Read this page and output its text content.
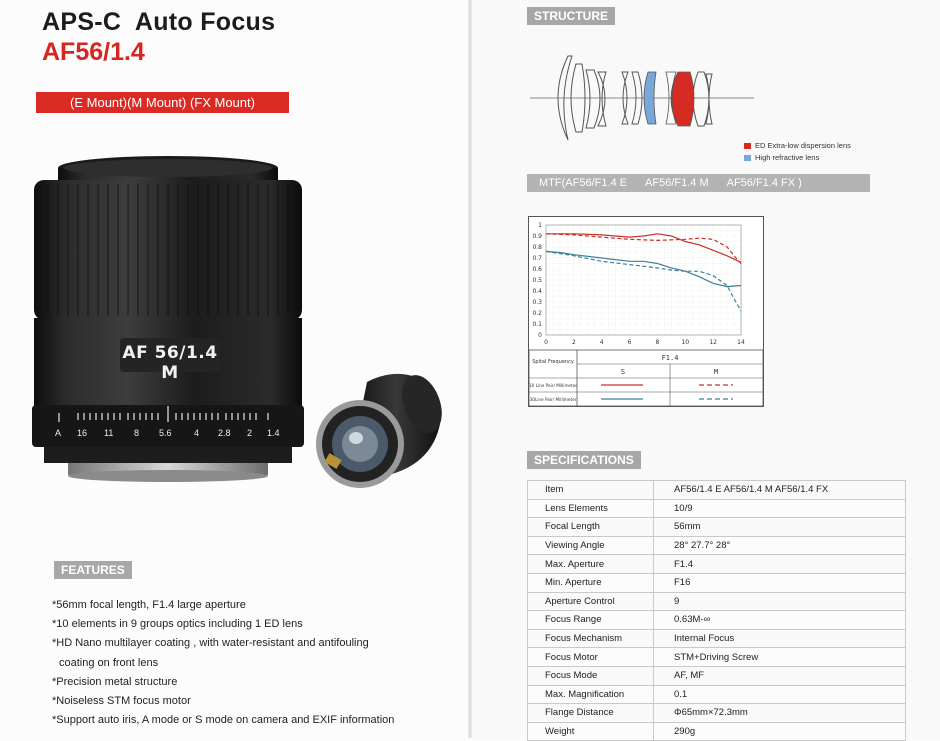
APS-C  Auto Focus
AF56/1.4
(E Mount)(M Mount) (FX Mount)
AF 56/1.4 M
A 16 11 8 5.6 4 2.8 2 1.4
FEATURES
*56mm focal length, F1.4 large aperture
*10 elements in 9 groups optics including 1 ED lens
*HD Nano multilayer coating , with water-resistant and antifouling
coating on front lens
*Precision metal structure
*Noiseless STM focus motor
*Support auto iris, A mode or S mode on camera and EXIF information
STRUCTURE
ED Extra-low dispersion lens
High refractive lens
MTF(AF56/F1.4 E AF56/F1.4 M AF56/F1.4 FX )
0
0.1
0.2
0.3
0.4
0.5
0.6
0.7
0.8
0.9
1
0	2	4	6	8	10	12	14
Spital Frequency	F1.4
S	M
10 Line Pair/ Millimeter
30Line Pair/ Millimeter
SPECIFICATIONS
Item	AF56/1.4 E AF56/1.4 M AF56/1.4 FX
Lens Elements	10/9
Focal Length	56mm
Viewing Angle	28° 27.7° 28°
Max. Aperture	F1.4
Min. Aperture	F16
Aperture Control	9
Focus Range	0.63M-∞
Focus Mechanism	Internal Focus
Focus Motor	STM+Driving Screw
Focus Mode	AF, MF
Max. Magnification	0.1
Flange Distance	Φ65mm×72.3mm
Weight	290g
